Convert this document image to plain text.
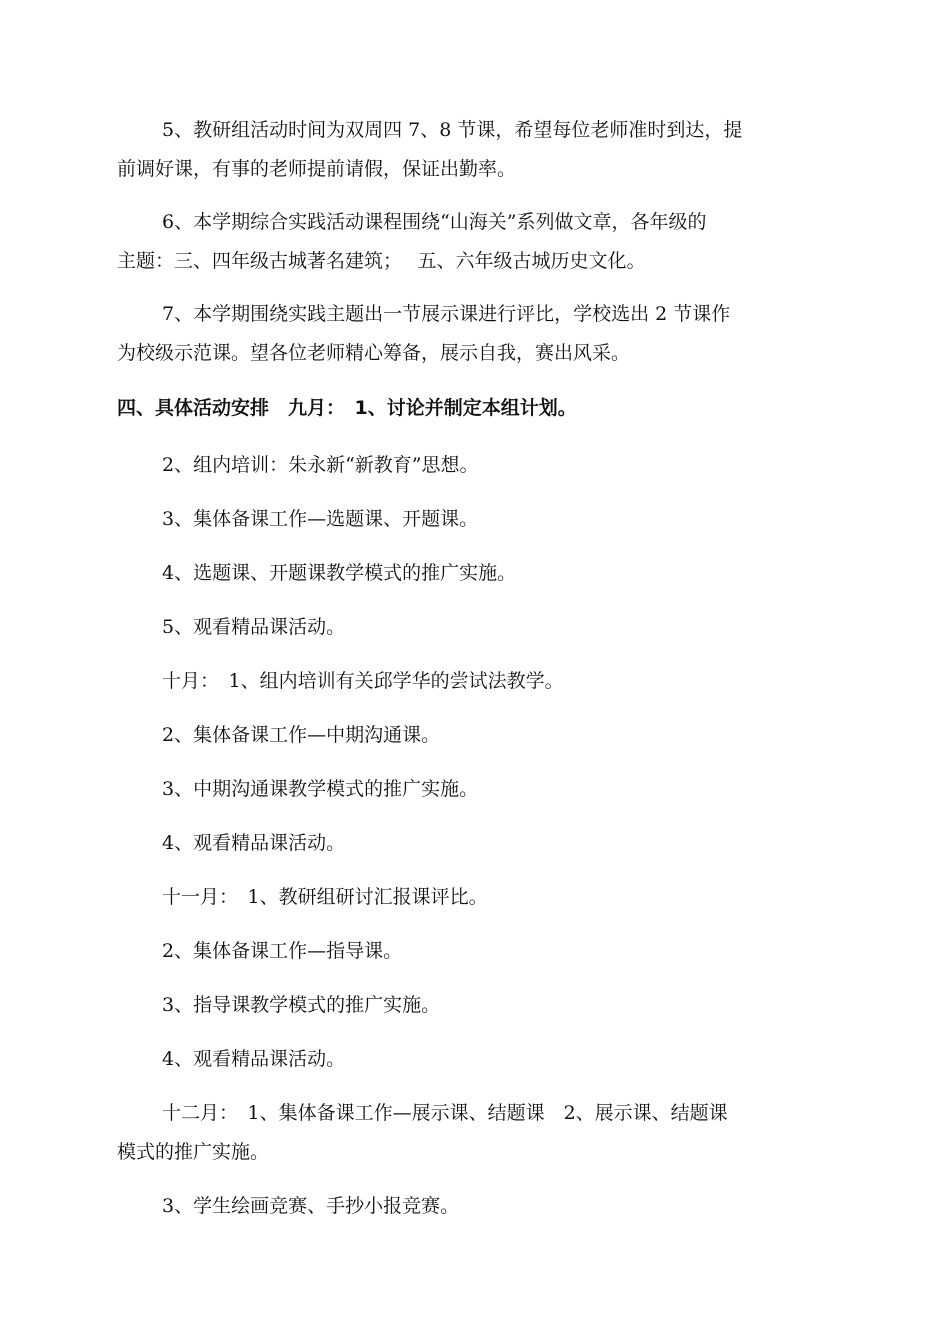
5、教研组活动时间为双周四 7、8 节课，希望每位老师准时到达，提
前调好课，有事的老师提前请假，保证出勤率。
6、本学期综合实践活动课程围绕“山海关”系列做文章，各年级的
主题：三、四年级古城著名建筑；　 五、六年级古城历史文化。
7、本学期围绕实践主题出一节展示课进行评比，学校选出 2 节课作
为校级示范课。望各位老师精心筹备，展示自我，赛出风采。
四、具体活动安排　九月：　1、讨论并制定本组计划。
2、组内培训：朱永新“新教育”思想。
3、集体备课工作—选题课、开题课。
4、选题课、开题课教学模式的推广实施。
5、观看精品课活动。
十月：　1、组内培训有关邱学华的尝试法教学。
2、集体备课工作—中期沟通课。
3、中期沟通课教学模式的推广实施。
4、观看精品课活动。
十一月：　1、教研组研讨汇报课评比。
2、集体备课工作—指导课。
3、指导课教学模式的推广实施。
4、观看精品课活动。
十二月：　1、集体备课工作—展示课、结题课　2、展示课、结题课
模式的推广实施。
3、学生绘画竞赛、手抄小报竞赛。
